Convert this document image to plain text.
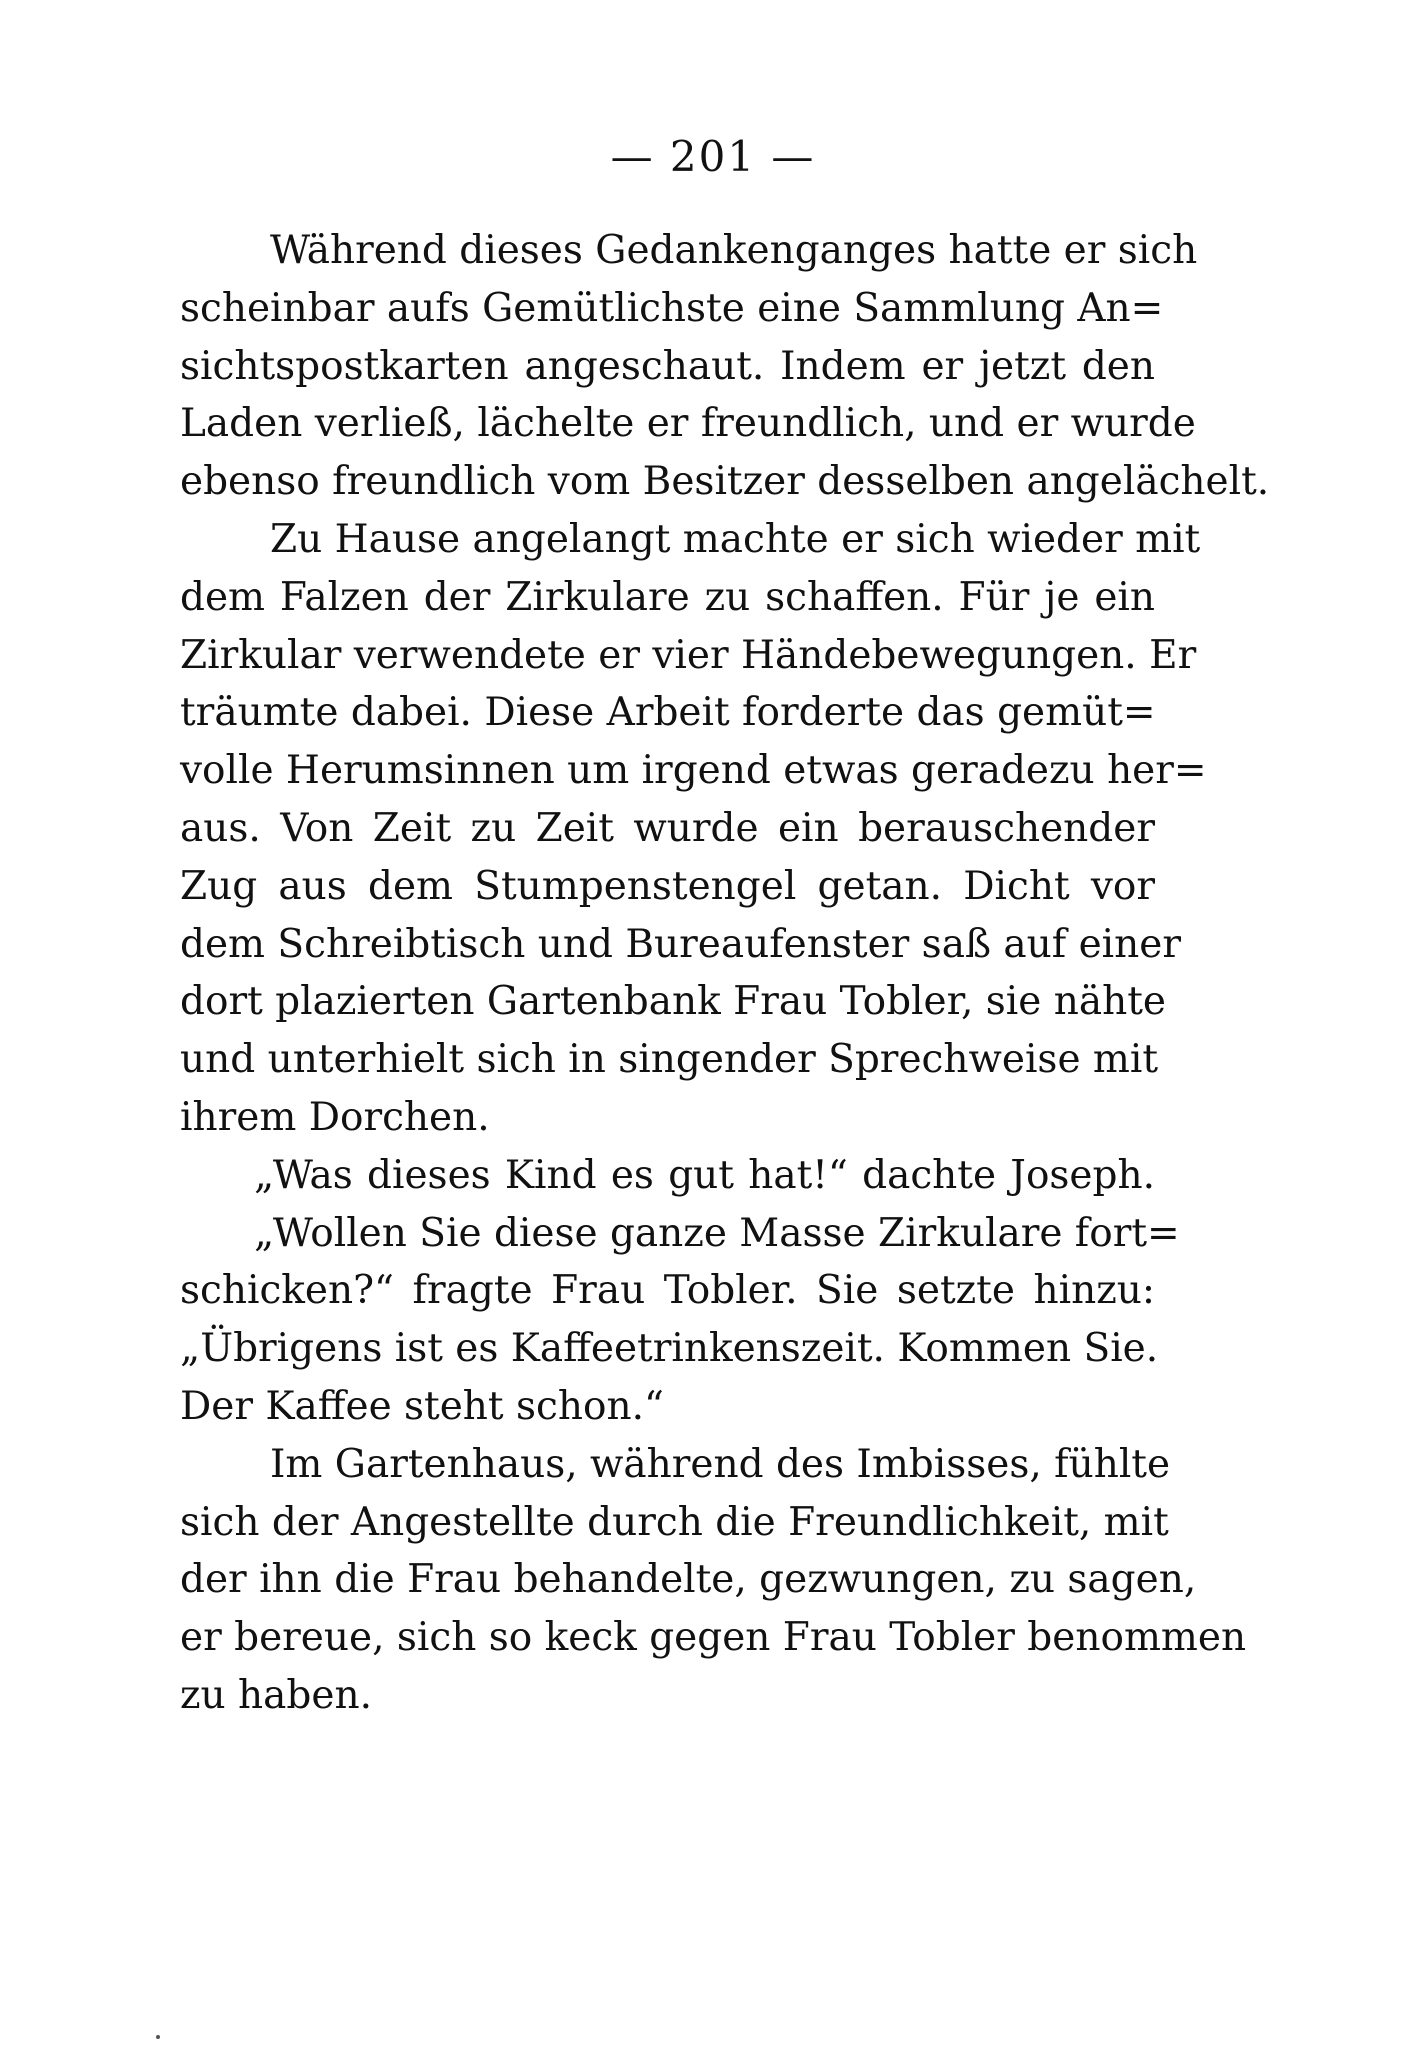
— 201 —
Während dieses Gedankenganges hatte er sich
scheinbar aufs Gemütlichste eine Sammlung An=
sichtspostkarten angeschaut. Indem er jetzt den
Laden verließ, lächelte er freundlich, und er wurde
ebenso freundlich vom Besitzer desselben angelächelt.
Zu Hause angelangt machte er sich wieder mit
dem Falzen der Zirkulare zu schaffen. Für je ein
Zirkular verwendete er vier Händebewegungen. Er
träumte dabei. Diese Arbeit forderte das gemüt=
volle Herumsinnen um irgend etwas geradezu her=
aus. Von Zeit zu Zeit wurde ein berauschender
Zug aus dem Stumpenstengel getan. Dicht vor
dem Schreibtisch und Bureaufenster saß auf einer
dort plazierten Gartenbank Frau Tobler, sie nähte
und unterhielt sich in singender Sprechweise mit
ihrem Dorchen.
„Was dieses Kind es gut hat!“ dachte Joseph.
„Wollen Sie diese ganze Masse Zirkulare fort=
schicken?“ fragte Frau Tobler. Sie setzte hinzu:
„Übrigens ist es Kaffeetrinkenszeit. Kommen Sie.
Der Kaffee steht schon.“
Im Gartenhaus, während des Imbisses, fühlte
sich der Angestellte durch die Freundlichkeit, mit
der ihn die Frau behandelte, gezwungen, zu sagen,
er bereue, sich so keck gegen Frau Tobler benommen
zu haben.
